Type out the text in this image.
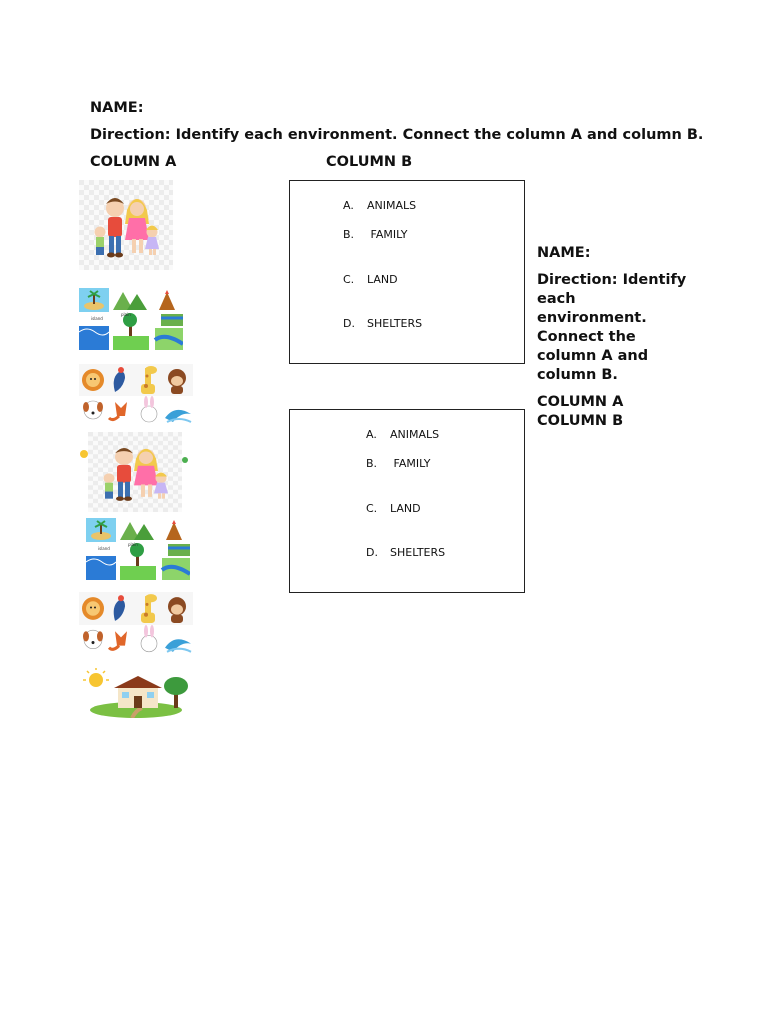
NAME:
Direction: Identify each environment. Connect the column A and column B.
COLUMN A	COLUMN B
A. ANIMALS
B. FAMILY
C. LAND
D. SHELTERS
A. ANIMALS
B. FAMILY
C. LAND
D. SHELTERS

NAME:

Direction: Identify each environment. Connect the column A and column B.

COLUMN A

COLUMN B
